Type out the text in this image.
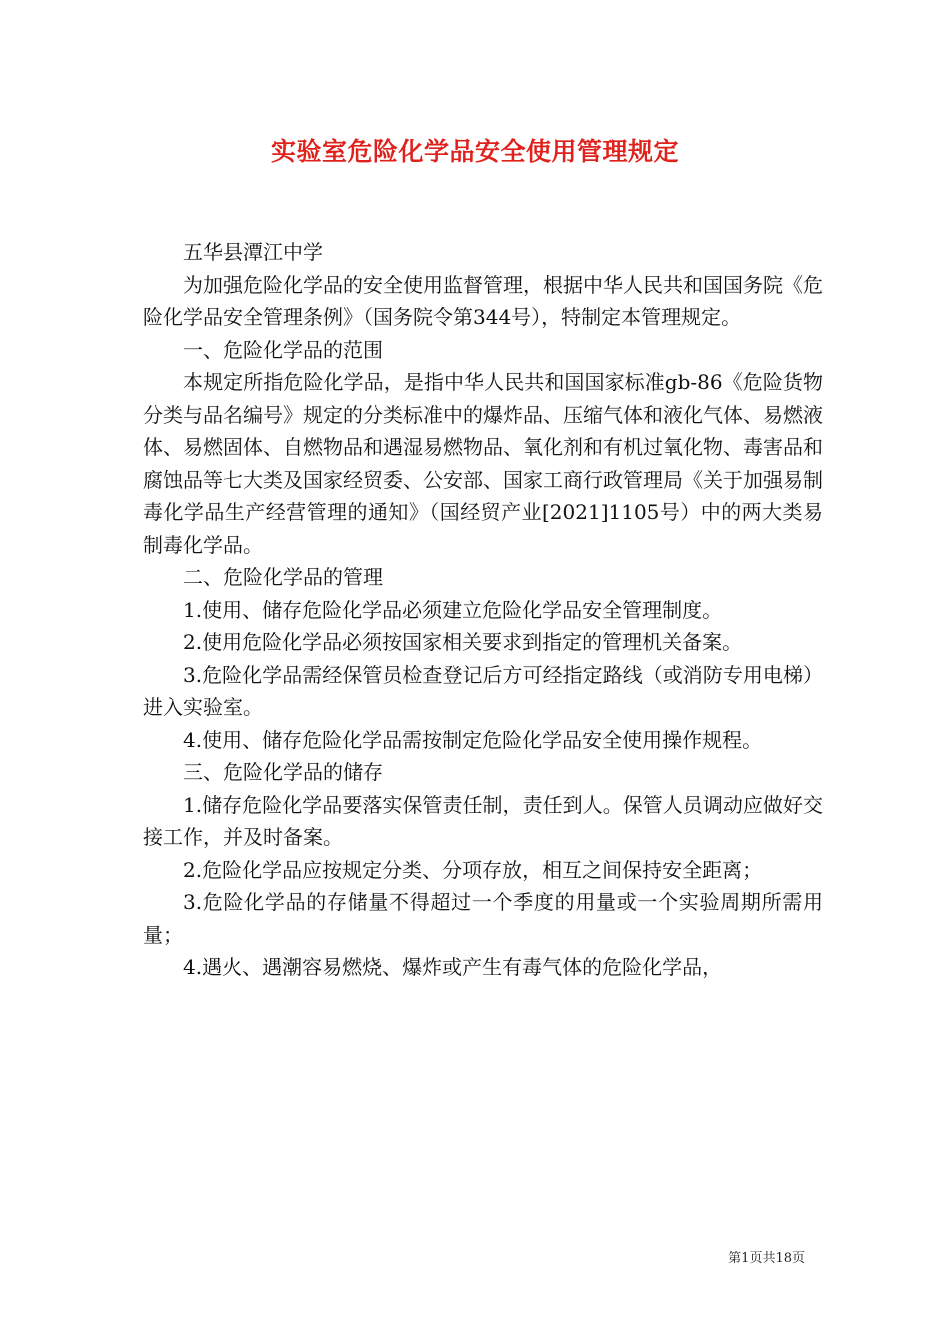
实验室危险化学品安全使用管理规定

五华县潭江中学

为加强危险化学品的安全使用监督管理，根据中华人民共和国国务院《危险化学品安全管理条例》（国务院令第344号），特制定本管理规定。

一、危险化学品的范围

本规定所指危险化学品，是指中华人民共和国国家标准gb-86《危险货物分类与品名编号》规定的分类标准中的爆炸品、压缩气体和液化气体、易燃液体、易燃固体、自燃物品和遇湿易燃物品、氧化剂和有机过氧化物、毒害品和腐蚀品等七大类及国家经贸委、公安部、国家工商行政管理局《关于加强易制毒化学品生产经营管理的通知》（国经贸产业[2021]1105号）中的两大类易制毒化学品。

二、危险化学品的管理

1.使用、储存危险化学品必须建立危险化学品安全管理制度。

2.使用危险化学品必须按国家相关要求到指定的管理机关备案。

3.危险化学品需经保管员检查登记后方可经指定路线（或消防专用电梯）进入实验室。

4.使用、储存危险化学品需按制定危险化学品安全使用操作规程。

三、危险化学品的储存

1.储存危险化学品要落实保管责任制，责任到人。保管人员调动应做好交接工作，并及时备案。

2.危险化学品应按规定分类、分项存放，相互之间保持安全距离；

3.危险化学品的存储量不得超过一个季度的用量或一个实验周期所需用量；

4.遇火、遇潮容易燃烧、爆炸或产生有毒气体的危险化学品，

第1页共18页
